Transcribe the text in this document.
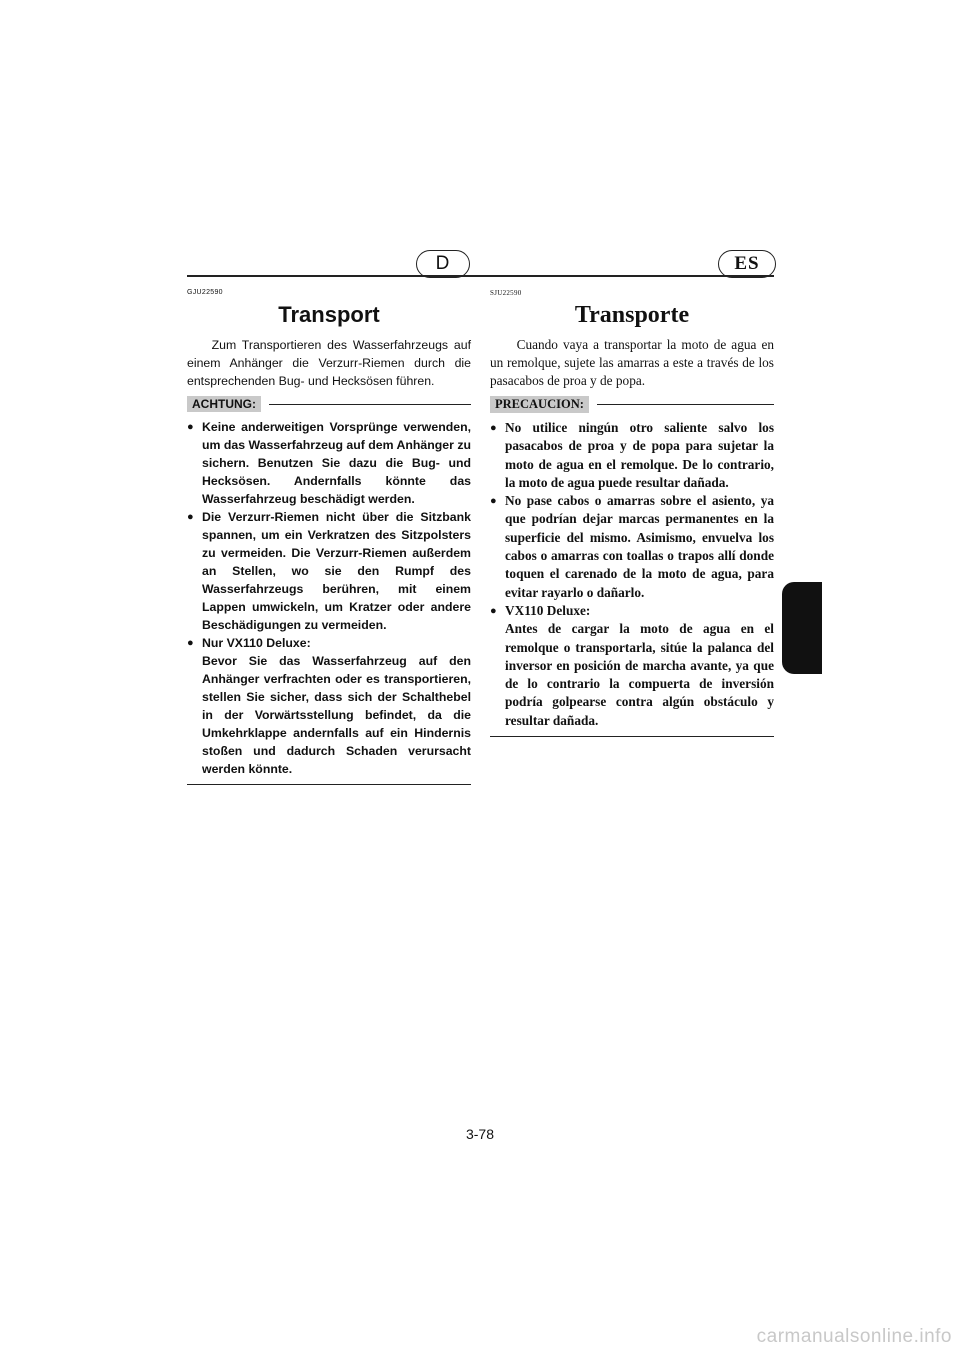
D	ES

GJU22590

Transport

Zum Transportieren des Wasserfahrzeugs auf einem Anhänger die Verzurr-Riemen durch die entsprechenden Bug- und Hecksösen führen.

ACHTUNG:
● Keine anderweitigen Vorsprünge verwenden, um das Wasserfahrzeug auf dem Anhänger zu sichern. Benutzen Sie dazu die Bug- und Hecksösen. Andernfalls könnte das Wasserfahrzeug beschädigt werden.
● Die Verzurr-Riemen nicht über die Sitzbank spannen, um ein Verkratzen des Sitzpolsters zu vermeiden. Die Verzurr-Riemen außerdem an Stellen, wo sie den Rumpf des Wasserfahrzeugs berühren, mit einem Lappen umwickeln, um Kratzer oder andere Beschädigungen zu vermeiden.
● Nur VX110 Deluxe:
Bevor Sie das Wasserfahrzeug auf den Anhänger verfrachten oder es transportieren, stellen Sie sicher, dass sich der Schalthebel in der Vorwärtsstellung befindet, da die Umkehrklappe andernfalls auf ein Hindernis stoßen und dadurch Schaden verursacht werden könnte.

SJU22590

Transporte

Cuando vaya a transportar la moto de agua en un remolque, sujete las amarras a este a través de los pasacabos de proa y de popa.

PRECAUCION:
● No utilice ningún otro saliente salvo los pasacabos de proa y de popa para sujetar la moto de agua en el remolque. De lo contrario, la moto de agua puede resultar dañada.
● No pase cabos o amarras sobre el asiento, ya que podrían dejar marcas permanentes en la superficie del mismo. Asimismo, envuelva los cabos o amarras con toallas o trapos allí donde toquen el carenado de la moto de agua, para evitar rayarlo o dañarlo.
● VX110 Deluxe:
Antes de cargar la moto de agua en el remolque o transportarla, sitúe la palanca del inversor en posición de marcha avante, ya que de lo contrario la compuerta de inversión podría golpearse contra algún obstáculo y resultar dañada.
3-78
carmanualsonline.info
